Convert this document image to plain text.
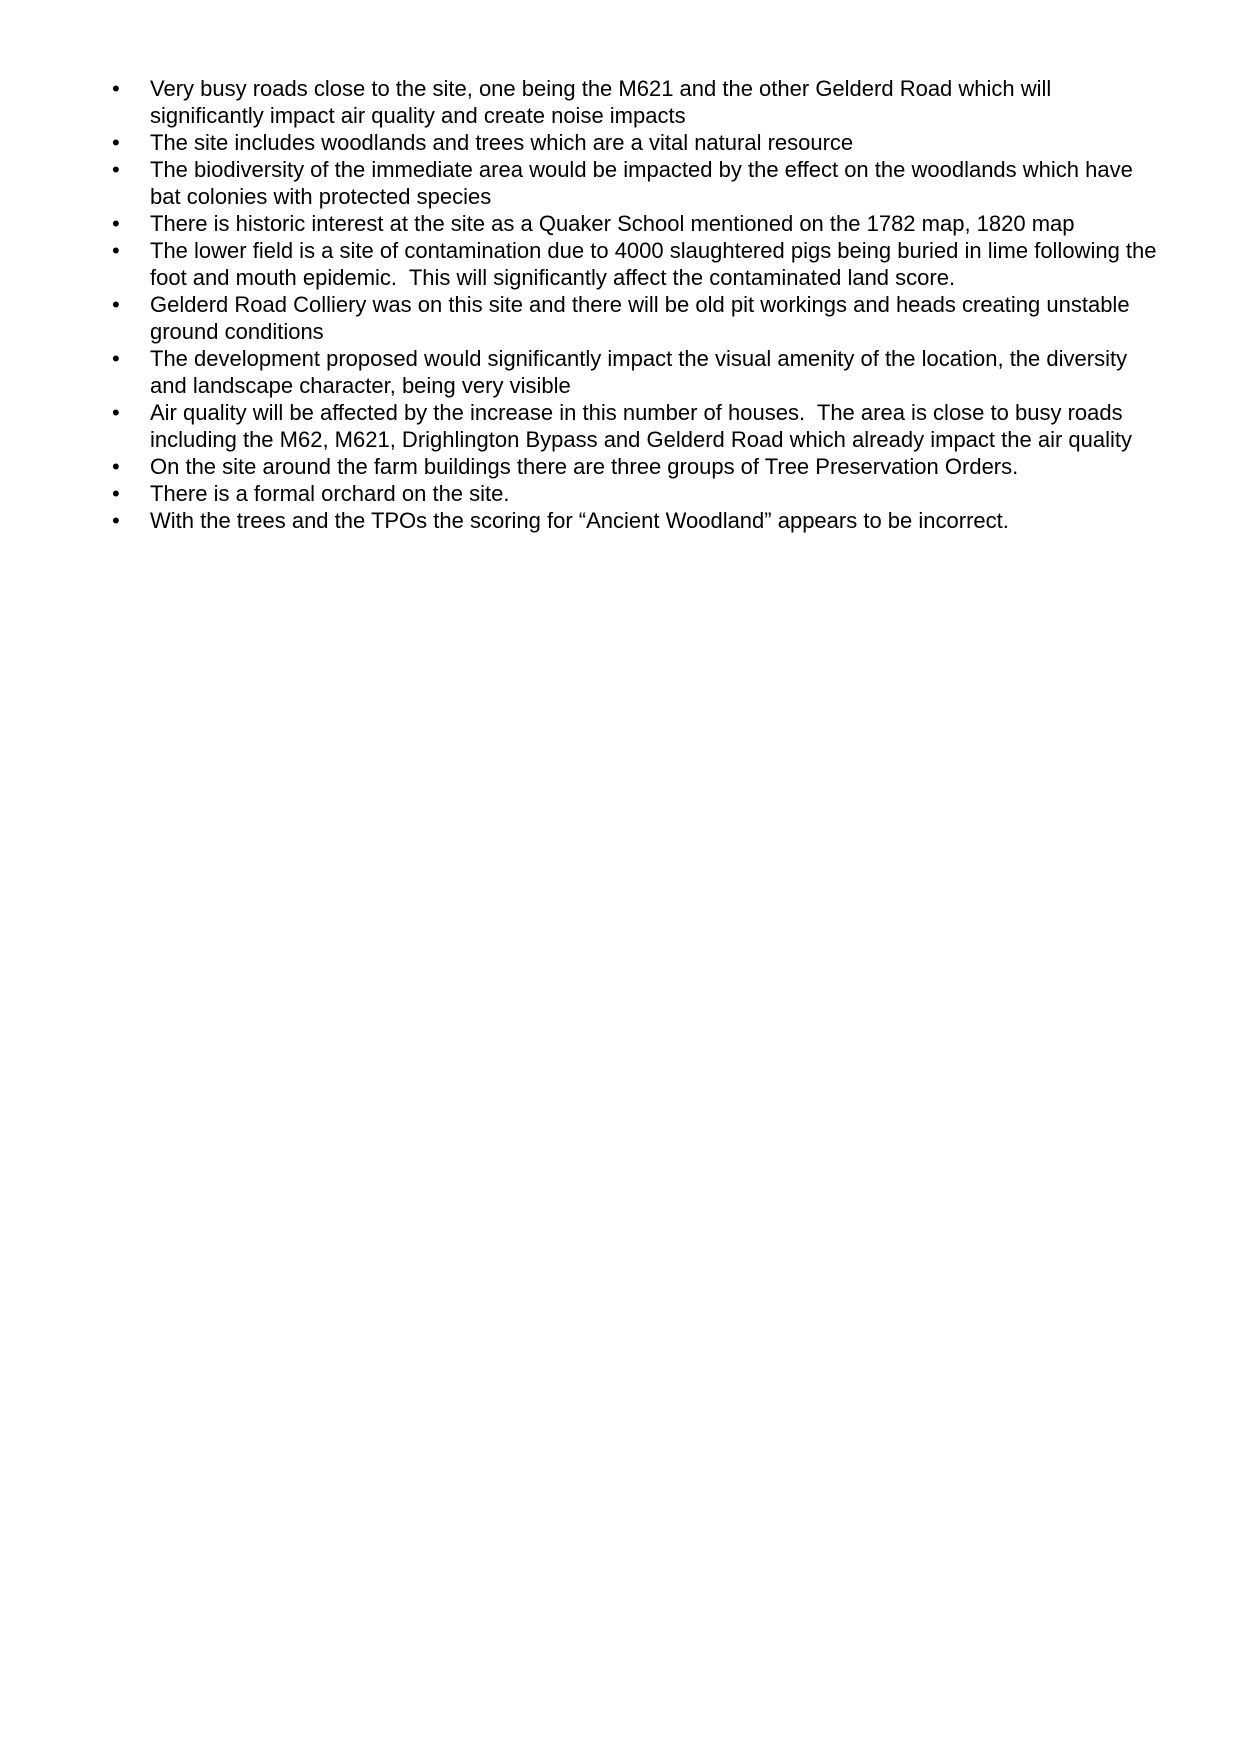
•	Very busy roads close to the site, one being the M621 and the other Gelderd Road which will significantly impact air quality and create noise impacts
•	The site includes woodlands and trees which are a vital natural resource
•	The biodiversity of the immediate area would be impacted by the effect on the woodlands which have bat colonies with protected species
•	There is historic interest at the site as a Quaker School mentioned on the 1782 map, 1820 map
•	The lower field is a site of contamination due to 4000 slaughtered pigs being buried in lime following the foot and mouth epidemic.  This will significantly affect the contaminated land score.
•	Gelderd Road Colliery was on this site and there will be old pit workings and heads creating unstable ground conditions
•	The development proposed would significantly impact the visual amenity of the location, the diversity and landscape character, being very visible
•	Air quality will be affected by the increase in this number of houses.  The area is close to busy roads including the M62, M621, Drighlington Bypass and Gelderd Road which already impact the air quality
•	On the site around the farm buildings there are three groups of Tree Preservation Orders.
•	There is a formal orchard on the site.
•	With the trees and the TPOs the scoring for “Ancient Woodland” appears to be incorrect.
